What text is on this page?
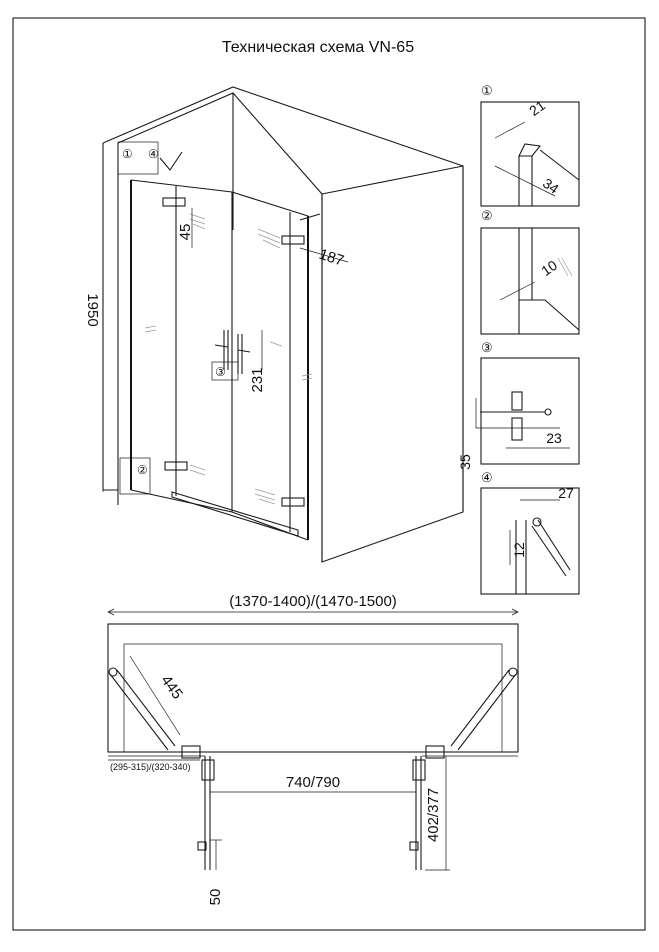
Техническая схема VN-65
① ④
②
③
1950
45
231
187
①
21
34
②
10
③
35
23
④
27
12
(1370-1400)/(1470-1500)
445
(295-315)/(320-340)
740/790
402/377
50
